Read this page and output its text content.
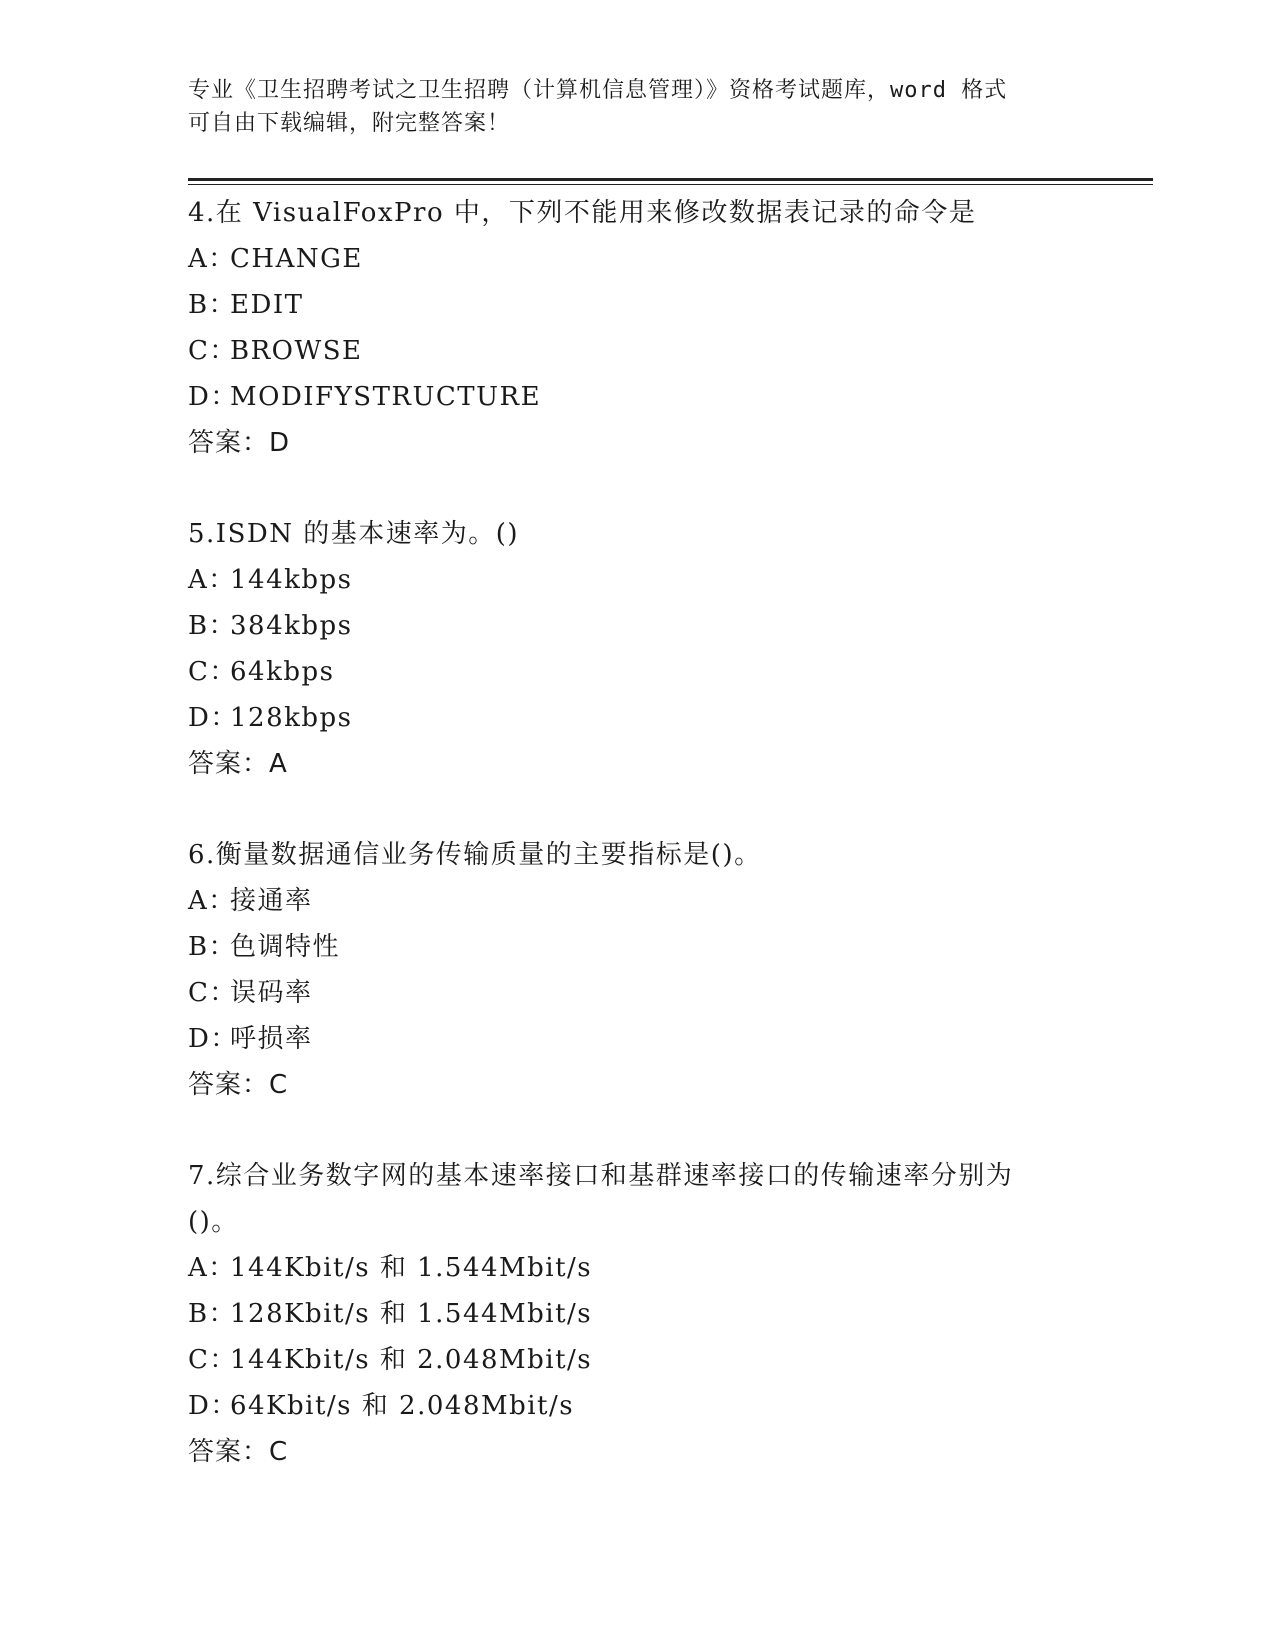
专业《卫生招聘考试之卫生招聘（计算机信息管理）》资格考试题库，word 格式
可自由下载编辑，附完整答案！
4.在 VisualFoxPro 中，下列不能用来修改数据表记录的命令是
A：CHANGE
B：EDIT
C：BROWSE
D：MODIFYSTRUCTURE
答案：D
5.ISDN 的基本速率为。()
A：144kbps
B：384kbps
C：64kbps
D：128kbps
答案：A
6.衡量数据通信业务传输质量的主要指标是()。
A：接通率
B：色调特性
C：误码率
D：呼损率
答案：C
7.综合业务数字网的基本速率接口和基群速率接口的传输速率分别为()。
A：144Kbit/s 和 1.544Mbit/s
B：128Kbit/s 和 1.544Mbit/s
C：144Kbit/s 和 2.048Mbit/s
D：64Kbit/s 和 2.048Mbit/s
答案：C
